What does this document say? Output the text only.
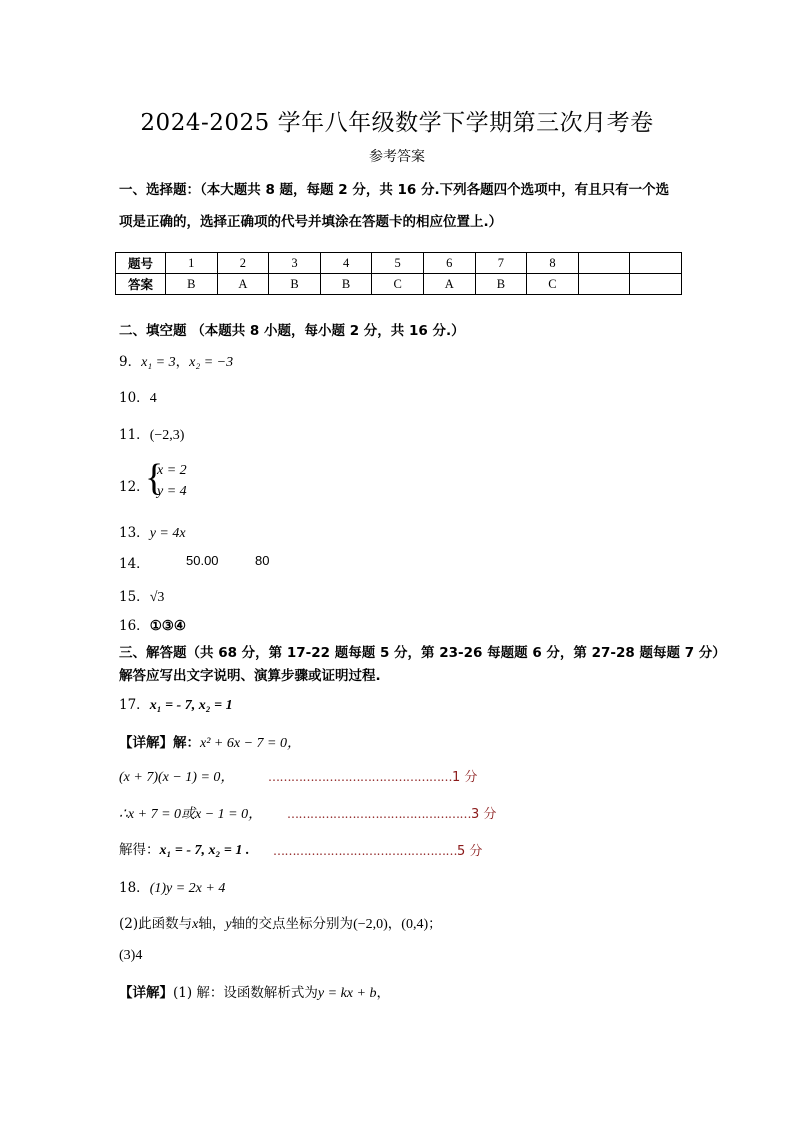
2024-2025 学年八年级数学下学期第三次月考卷
参考答案
一、选择题：（本大题共 8 题，每题 2 分，共 16 分.下列各题四个选项中，有且只有一个选
项是正确的，选择正确项的代号并填涂在答题卡的相应位置上.）
题号	1	2	3	4	5	6	7	8		
答案	B	A	B	B	C	A	B	C		
二、填空题 （本题共 8 小题，每小题 2 分，共 16 分.）
9．x₁ = 3，x₂ = −3
10．4
11．(−2,3)
12．
{
x = 2
y = 4
13．y = 4x
14．	50.00	80
15．√3
16．①③④
三、解答题（共 68 分，第 17-22 题每题 5 分，第 23-26 每题题 6 分，第 27-28 题每题 7 分）
解答应写出文字说明、演算步骤或证明过程.
17．x₁ = - 7, x₂ = 1
【详解】解：x² + 6x − 7 = 0，
(x + 7)(x − 1) = 0，	…………………………………………1 分
∴x + 7 = 0或x − 1 = 0， …………………………………………3 分
解得：x₁ = - 7, x₂ = 1 . …………………………………………5 分
18．(1)y = 2x + 4
(2)此函数与x轴，y轴的交点坐标分别为(−2,0)，(0,4)；
(3)4
【详解】(1) 解：设函数解析式为y = kx + b，
